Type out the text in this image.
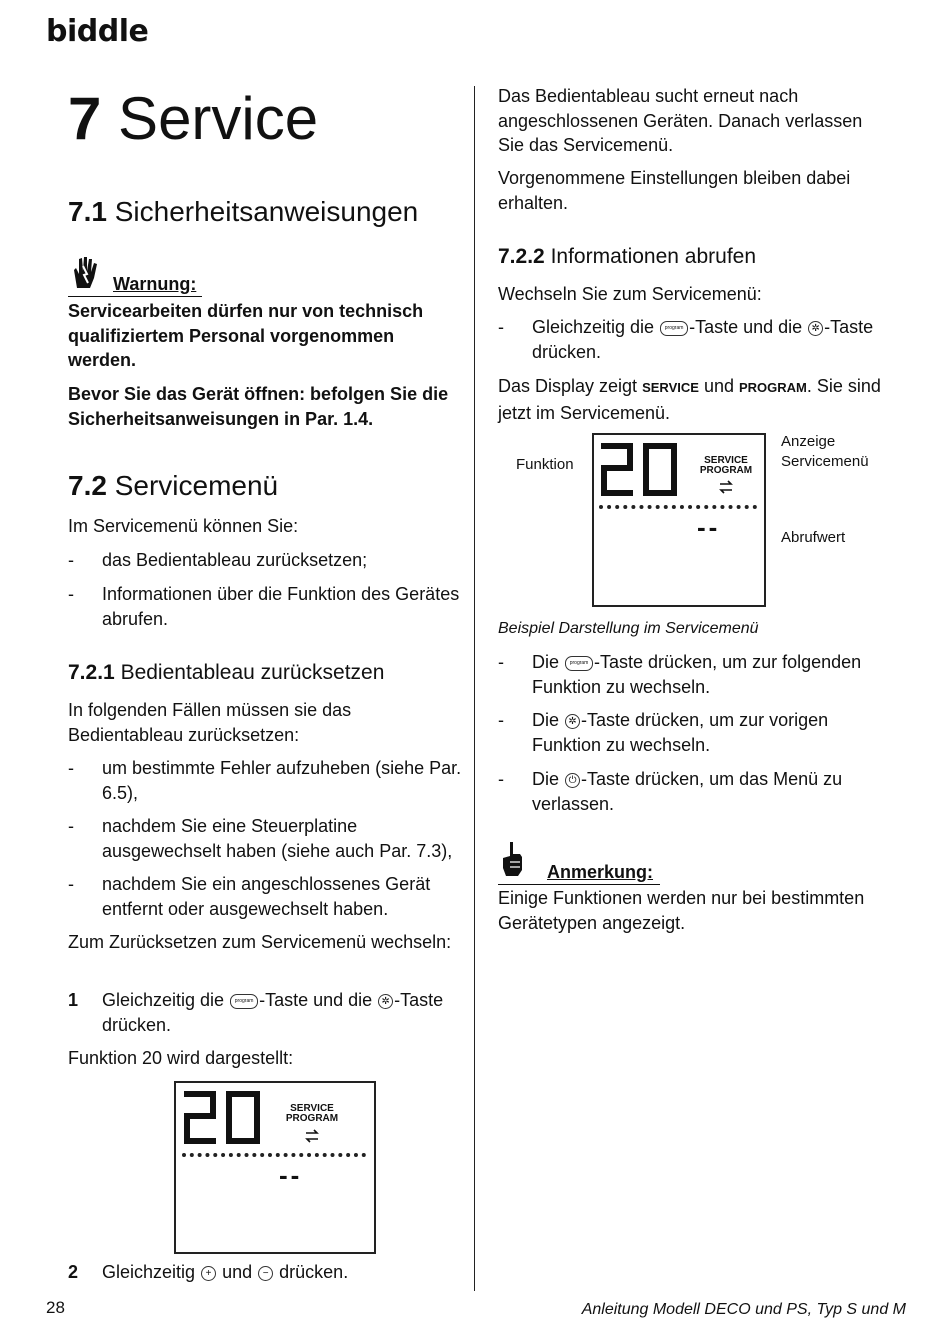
biddle
7 Service
7.1 Sicherheitsanweisungen
Warnung:

Servicearbeiten dürfen nur von technisch qualifiziertem Personal vorgenommen werden.

Bevor Sie das Gerät öffnen: befolgen Sie die Sicherheitsanweisungen in Par. 1.4.

7.2 Servicemenü

Im Servicemenü können Sie:

- das Bedientableau zurücksetzen;
- Informationen über die Funktion des Gerätes abrufen.
7.2.1 Bedientableau zurücksetzen

In folgenden Fällen müssen sie das Bedientableau zurücksetzen:

- um bestimmte Fehler aufzuheben (siehe Par. 6.5),
- nachdem Sie eine Steuerplatine ausgewechselt haben (siehe auch Par. 7.3),
- nachdem Sie ein angeschlossenes Gerät entfernt oder ausgewechselt haben.

Zum Zurücksetzen zum Servicemenü wechseln:

1 Gleichzeitig die program -Taste und die ✲ -Taste drücken.

Funktion 20 wird dargestellt:

SERVICE
PROGRAM
--
2 Gleichzeitig + und − drücken.

Das Bedientableau sucht erneut nach angeschlossenen Geräten. Danach verlassen Sie das Servicemenü.

Vorgenommene Einstellungen bleiben dabei erhalten.

7.2.2 Informationen abrufen

Wechseln Sie zum Servicemenü:

- Gleichzeitig die program -Taste und die ✲ -Taste drücken.

Das Display zeigt SERVICE und PROGRAM. Sie sind jetzt im Servicemenü.

Funktion
Anzeige Servicemenü
Abrufwert
SERVICE
PROGRAM
--

Beispiel Darstellung im Servicemenü

- Die program -Taste drücken, um zur folgenden Funktion zu wechseln.
- Die ✲ -Taste drücken, um zur vorigen Funktion zu wechseln.
- Die ⏻ -Taste drücken, um das Menü zu verlassen.
Anmerkung:

Einige Funktionen werden nur bei bestimmten Gerätetypen angezeigt.

28	Anleitung Modell DECO und PS, Typ S und M
